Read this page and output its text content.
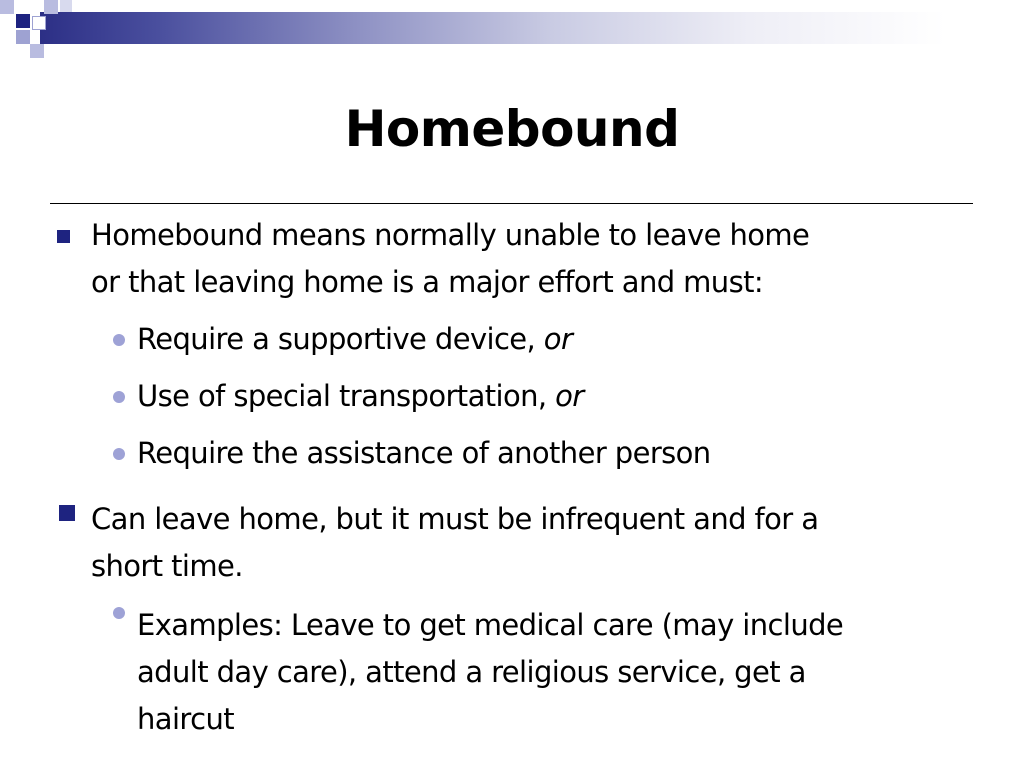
Homebound
Homebound means normally unable to leave home
or that leaving home is a major effort and must:
Require a supportive device, or
Use of special transportation, or
Require the assistance of another person
Can leave home, but it must be infrequent and for a
short time.
Examples: Leave to get medical care (may include
adult day care), attend a religious service, get a
haircut
